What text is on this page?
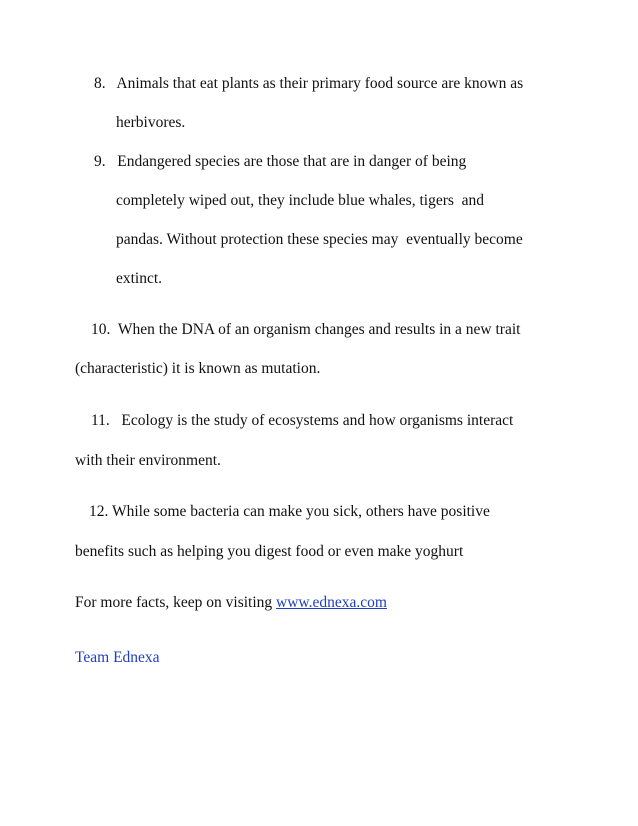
8.   Animals that eat plants as their primary food source are known as
herbivores.
9.   Endangered species are those that are in danger of being
completely wiped out, they include blue whales, tigers  and
pandas. Without protection these species may  eventually become
extinct.
10.  When the DNA of an organism changes and results in a new trait
(characteristic) it is known as mutation.
11.   Ecology is the study of ecosystems and how organisms interact
with their environment.
12. While some bacteria can make you sick, others have positive
benefits such as helping you digest food or even make yoghurt
For more facts, keep on visiting www.ednexa.com
Team Ednexa
